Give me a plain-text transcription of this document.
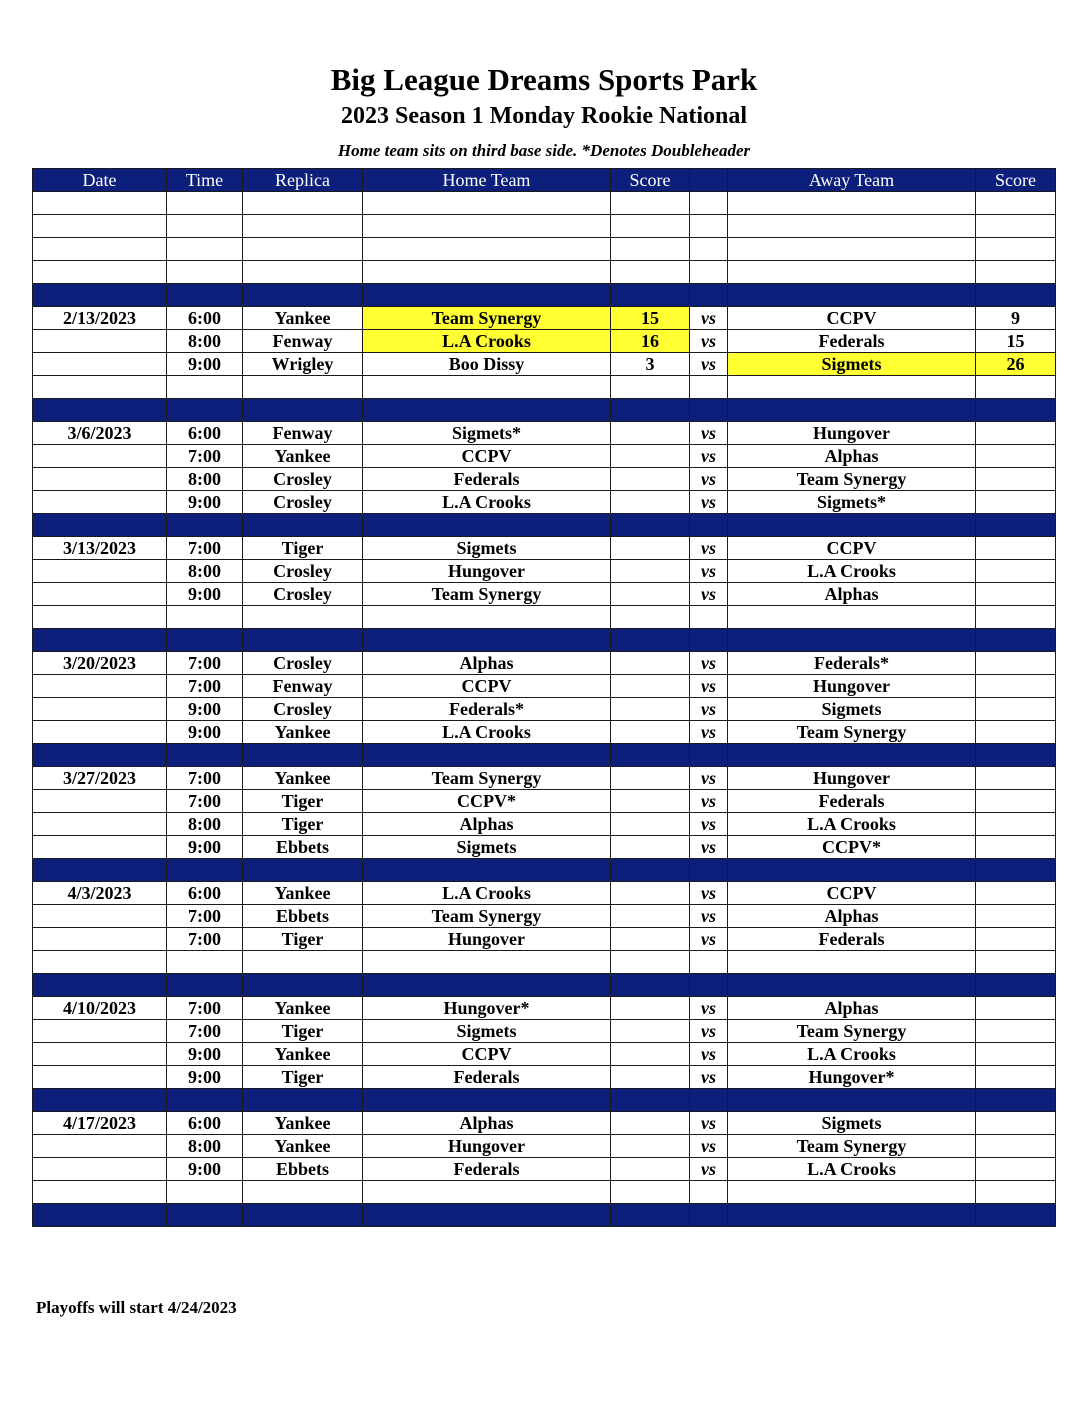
Big League Dreams Sports Park
2023 Season 1 Monday Rookie National
Home team sits on third base side. *Denotes Doubleheader
Date	Time	Replica	Home Team	Score		Away Team	Score

2/13/2023	6:00	Yankee	Team Synergy	15	vs	CCPV	9
	8:00	Fenway	L.A Crooks	16	vs	Federals	15
	9:00	Wrigley	Boo Dissy	3	vs	Sigmets	26

3/6/2023	6:00	Fenway	Sigmets*		vs	Hungover	
	7:00	Yankee	CCPV		vs	Alphas	
	8:00	Crosley	Federals		vs	Team Synergy	
	9:00	Crosley	L.A Crooks		vs	Sigmets*	

3/13/2023	7:00	Tiger	Sigmets		vs	CCPV	
	8:00	Crosley	Hungover		vs	L.A Crooks	
	9:00	Crosley	Team Synergy		vs	Alphas	

3/20/2023	7:00	Crosley	Alphas		vs	Federals*	
	7:00	Fenway	CCPV		vs	Hungover	
	9:00	Crosley	Federals*		vs	Sigmets	
	9:00	Yankee	L.A Crooks		vs	Team Synergy	

3/27/2023	7:00	Yankee	Team Synergy		vs	Hungover	
	7:00	Tiger	CCPV*		vs	Federals	
	8:00	Tiger	Alphas		vs	L.A Crooks	
	9:00	Ebbets	Sigmets		vs	CCPV*	

4/3/2023	6:00	Yankee	L.A Crooks		vs	CCPV	
	7:00	Ebbets	Team Synergy		vs	Alphas	
	7:00	Tiger	Hungover		vs	Federals	

4/10/2023	7:00	Yankee	Hungover*		vs	Alphas	
	7:00	Tiger	Sigmets		vs	Team Synergy	
	9:00	Yankee	CCPV		vs	L.A Crooks	
	9:00	Tiger	Federals		vs	Hungover*	

4/17/2023	6:00	Yankee	Alphas		vs	Sigmets	
	8:00	Yankee	Hungover		vs	Team Synergy	
	9:00	Ebbets	Federals		vs	L.A Crooks	

Playoffs will start 4/24/2023
